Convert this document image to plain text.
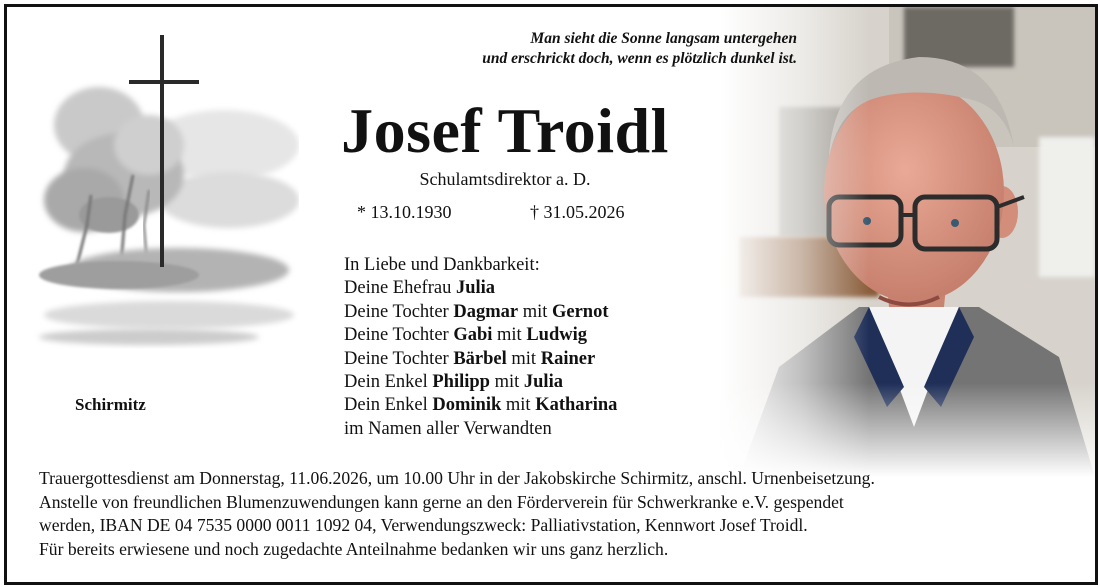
Schirmitz
Man sieht die Sonne langsam untergehen
und erschrickt doch, wenn es plötzlich dunkel ist.
Josef Troidl
Schulamtsdirektor a. D.
* 13.10.1930	† 31.05.2026
In Liebe und Dankbarkeit:
Deine Ehefrau Julia
Deine Tochter Dagmar mit Gernot
Deine Tochter Gabi mit Ludwig
Deine Tochter Bärbel mit Rainer
Dein Enkel Philipp mit Julia
Dein Enkel Dominik mit Katharina
im Namen aller Verwandten
Trauergottesdienst am Donnerstag, 11.06.2026, um 10.00 Uhr in der Jakobskirche Schirmitz, anschl. Urnenbeisetzung.
Anstelle von freundlichen Blumenzuwendungen kann gerne an den Förderverein für Schwerkranke e.V. gespendet
werden, IBAN DE 04 7535 0000 0011 1092 04, Verwendungszweck: Palliativstation, Kennwort Josef Troidl.
Für bereits erwiesene und noch zugedachte Anteilnahme bedanken wir uns ganz herzlich.
